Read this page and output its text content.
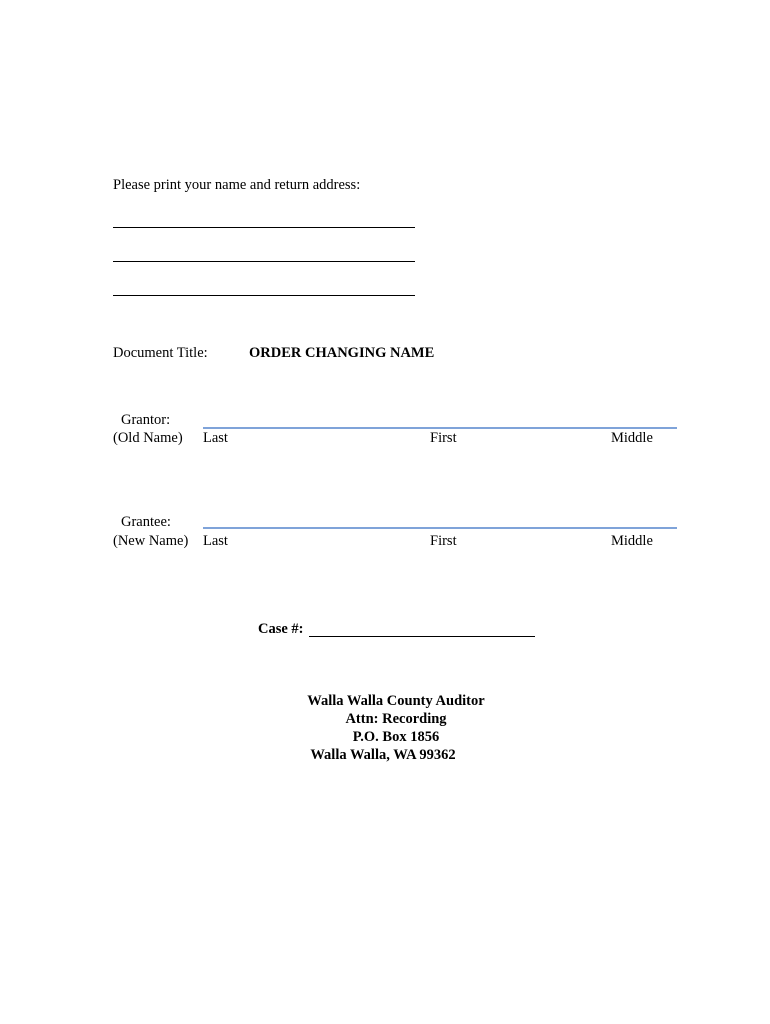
Please print your name and return address:
Document Title:	ORDER CHANGING NAME
Grantor:
(Old Name) Last	First	Middle
Grantee:
(New Name) Last	First	Middle
Case #:
Walla Walla County Auditor
Attn: Recording
P.O. Box 1856
Walla Walla, WA 99362
